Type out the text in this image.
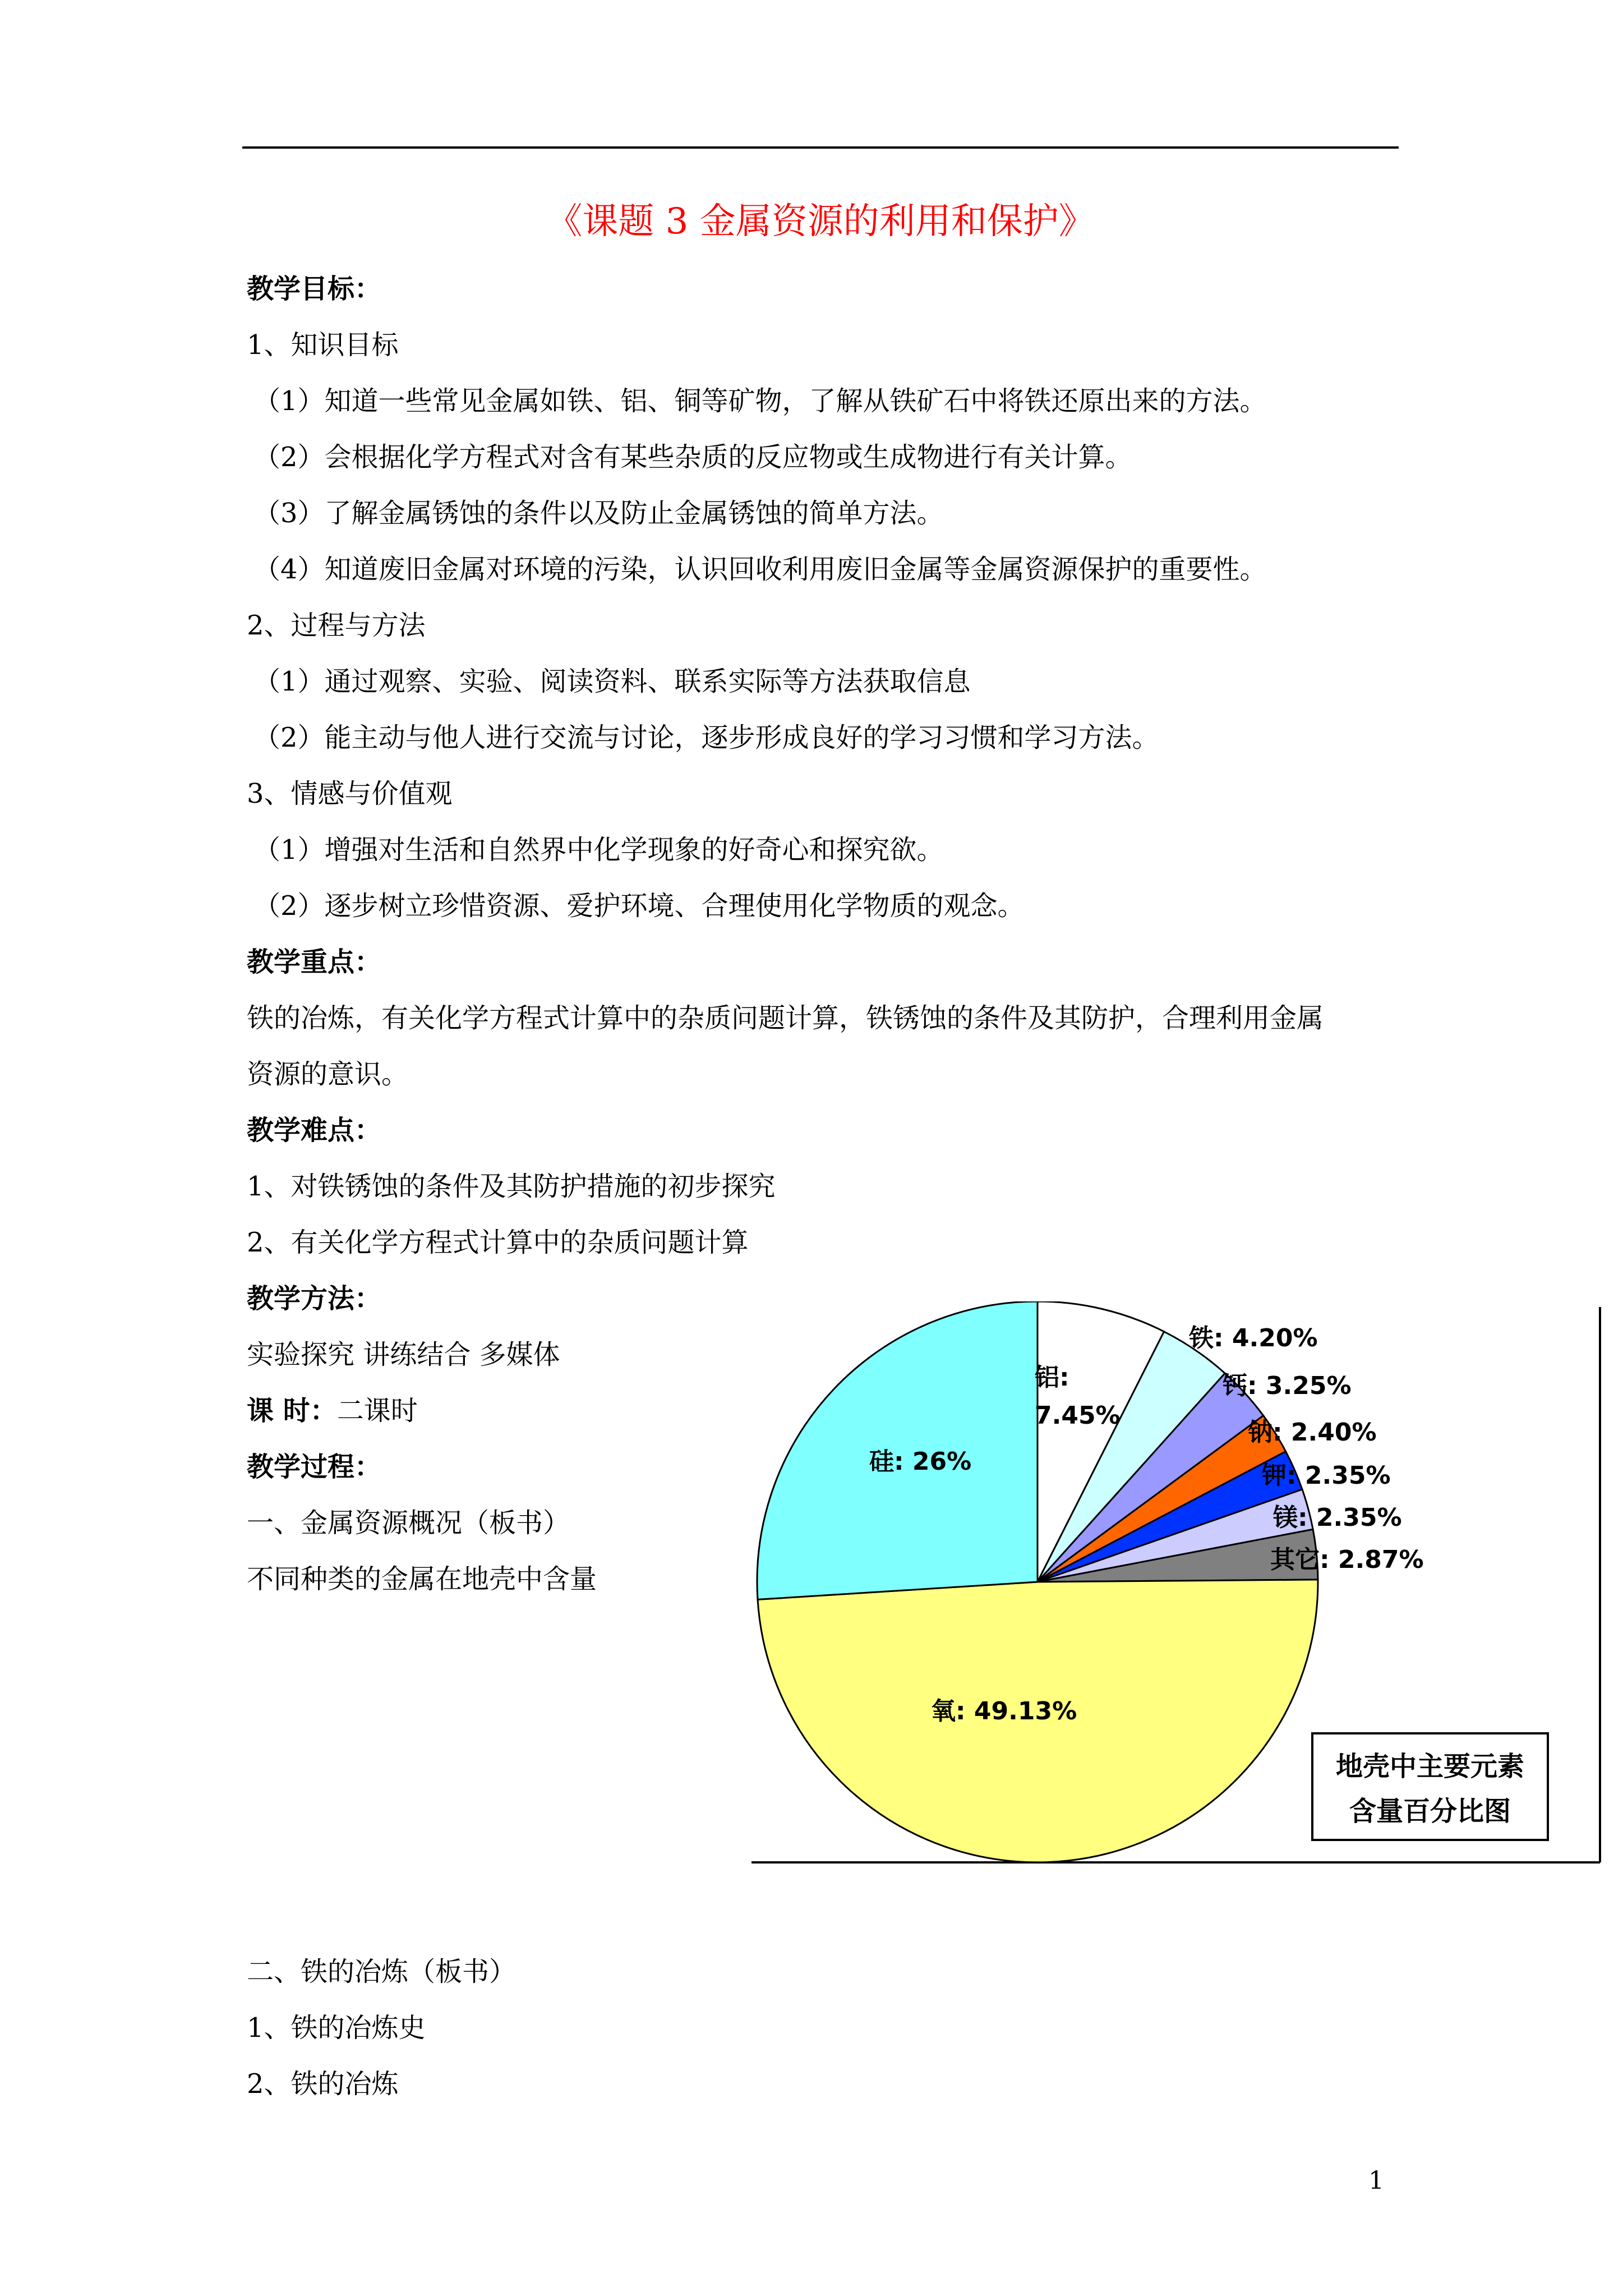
《课题 3 金属资源的利用和保护》
教学目标：
1、知识目标
（1）知道一些常见金属如铁、铝、铜等矿物，了解从铁矿石中将铁还原出来的方法。
（2）会根据化学方程式对含有某些杂质的反应物或生成物进行有关计算。
（3）了解金属锈蚀的条件以及防止金属锈蚀的简单方法。
（4）知道废旧金属对环境的污染，认识回收利用废旧金属等金属资源保护的重要性。
2、过程与方法
（1）通过观察、实验、阅读资料、联系实际等方法获取信息
（2）能主动与他人进行交流与讨论，逐步形成良好的学习习惯和学习方法。
3、情感与价值观
（1）增强对生活和自然界中化学现象的好奇心和探究欲。
（2）逐步树立珍惜资源、爱护环境、合理使用化学物质的观念。
教学重点：
铁的冶炼，有关化学方程式计算中的杂质问题计算，铁锈蚀的条件及其防护，合理利用金属
资源的意识。
教学难点：
1、对铁锈蚀的条件及其防护措施的初步探究
2、有关化学方程式计算中的杂质问题计算
教学方法：
实验探究 讲练结合 多媒体
课 时：二课时
教学过程：
一、金属资源概况（板书）
不同种类的金属在地壳中含量
铝:
7.45%
铁: 4.20%
钙: 3.25%
钠: 2.40%
钾: 2.35%
镁: 2.35%
其它: 2.87%
氧: 49.13%
硅: 26%
地壳中主要元素
含量百分比图
二、铁的冶炼（板书）
1、铁的冶炼史
2、铁的冶炼
1
